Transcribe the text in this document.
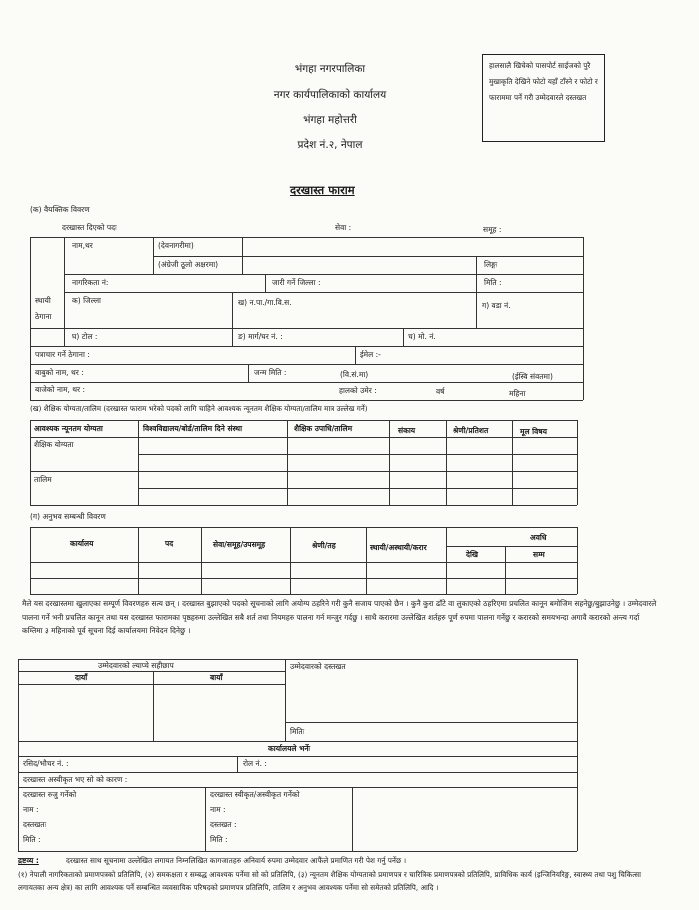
भंगहा नगरपालिका
नगर कार्यपालिकाको कार्यालय
भंगहा महोत्तरी
प्रदेश नं.२, नेपाल
हालसालै खिचेको पासपोर्ट साईजको पुरै मुखाकृति देखिने फोटो यहाँ टाँस्ने र फोटो र फाराममा पर्ने गरी उम्मेदवारले दस्तखत
दरखास्त फाराम
(क) वैयक्तिक विवरण
दरखास्त दिएको पदः	सेवा :	समूह :
नाम,थर	(देवनागरीमा)
(अंग्रेजी ठूलो अक्षरमा)	लिङ्गः
नागरिकता नं:	जारी गर्ने जिल्ला :	मिति :
स्थायी
ठेगाना
क) जिल्ला	ख) न.पा./गा.वि.स.	ग) वडा नं.
घ) टोल :	ङ) मार्ग/घर नं. :	च) मो. नं.
पत्राचार गर्ने ठेगाना :	ईमेल :-
बाबुको नाम, थर :	जन्म मिति :	(वि.सं.मा)	(ईस्वि संवतमा)
बाजेको नाम, थर :	हालको उमेर :	वर्ष	महिना
(ख) शैक्षिक योग्यता/तालिम (दरखास्त फाराम भरेको पदको लागि चाहिने आवश्यक न्यूनतम शैक्षिक योग्यता/तालिम मात्र उल्लेख गर्ने)
आवश्यक न्यूनतम योग्यता	विश्वविद्यालय/बोर्ड/तालिम दिने संस्था	शैक्षिक उपाधि/तालिम	संकाय	श्रेणी/प्रतिशत	मूल विषय
शैक्षिक योग्यता
तालिम
(ग) अनुभव सम्बन्धी विवरण
कार्यालय	पद	सेवा/समूह/उपसमूह	श्रेणी/तह	स्थायी/अस्थायी/करार
अवधि
देखि	सम्म
मैले यस दरखास्तमा खुलाएका सम्पूर्ण विवरणहरु सत्य छन् । दरखास्त बुझाएको पदको सूचनाको लागि अयोग्य ठहरिने गरी कुनै सजाय पाएको छैन । कुनै कुरा ढाँटे वा लुकाएको ठहरिएमा प्रचलित कानून बमोजिम सहनेछु/बुझाउनेछु । उम्मेदवारले पालना गर्ने भनी प्रचलित कानून तथा यस दरखास्त फारामका पृष्ठहरुमा उल्लेखित सबै शर्त तथा नियमहरु पालना गर्न मन्जुर गर्दछु । साथै करारमा उल्लेखित शर्तहरु पूर्ण रुपमा पालना गर्नेछु र करारको समयभन्दा अगावै करारको अन्त्य गर्दा कम्तिमा ३ महिनाको पूर्व सूचना दिई कार्यालयमा निवेदन दिनेछु ।
उम्मेदवारको ल्याप्चे सहीछाप
दायाँ	बायाँ
उम्मेदवारको दस्तखत
मितिः
कार्यालयले भर्नेः
रसिद/भौचर नं. :	रोल नं. :
दरखास्त अस्वीकृत भए सो को कारण :
दरखास्त रुजु गर्नेको
नाम :
दस्तखतः
मिति :
दरखास्त स्वीकृत/अस्वीकृत गर्नेको
नाम :
दस्तखत :
मिति :
द्रष्टव्य :	दरखास्त साथ सूचनामा उल्लेखित लगायत निम्नलिखित कागजातहरु अनिवार्य रुपमा उम्मेदवार आफैंले प्रमाणित गरी पेश गर्नु पर्नेछ ।
(१) नेपाली नागरिकताको प्रमाणपत्रको प्रतिलिपि, (२) समकक्षता र सम्बद्ध आवश्यक पर्नेमा सो को प्रतिलिपि, (३) न्यूनतम शैक्षिक योग्यताको प्रमाणपत्र र चारित्रिक प्रमाणपत्रको प्रतिलिपि, प्राविधिक कार्य (इन्जिनियरिङ्ग, स्वास्थ्य तथा पशु चिकित्सा लगायतका अन्य क्षेत्र) का लागि आवश्यक पर्ने सम्बन्धित व्यवसायिक परिषदको प्रमाणपत्र प्रतिलिपि, तालिम र अनुभव आवश्यक पर्नेमा सो समेतको प्रतिलिपि, आदि ।
